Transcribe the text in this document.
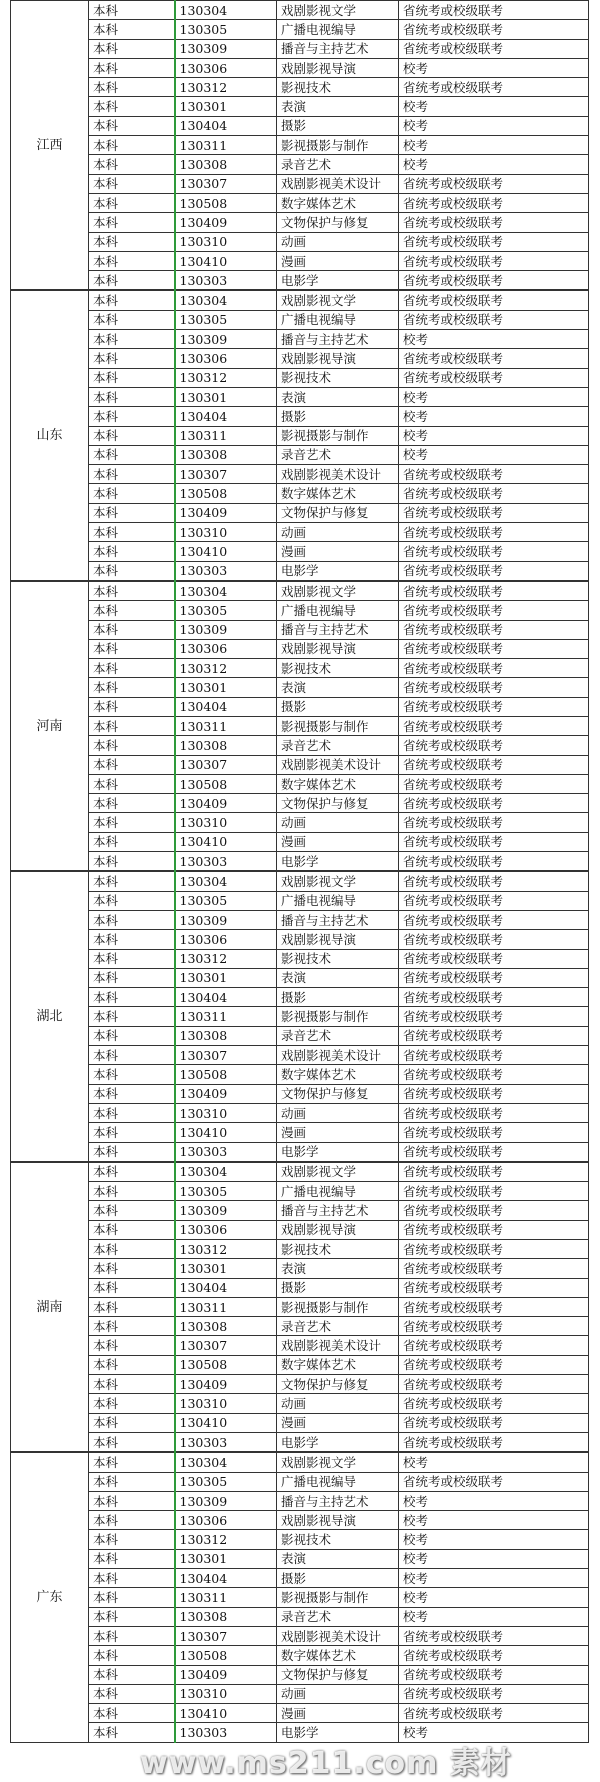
江西	本科	130304	戏剧影视文学	省统考或校级联考
	本科	130305	广播电视编导	省统考或校级联考
	本科	130309	播音与主持艺术	省统考或校级联考
	本科	130306	戏剧影视导演	校考
	本科	130312	影视技术	省统考或校级联考
	本科	130301	表演	校考
	本科	130404	摄影	校考
	本科	130311	影视摄影与制作	校考
	本科	130308	录音艺术	校考
	本科	130307	戏剧影视美术设计	省统考或校级联考
	本科	130508	数字媒体艺术	省统考或校级联考
	本科	130409	文物保护与修复	省统考或校级联考
	本科	130310	动画	省统考或校级联考
	本科	130410	漫画	省统考或校级联考
	本科	130303	电影学	省统考或校级联考
山东	本科	130304	戏剧影视文学	省统考或校级联考
	本科	130305	广播电视编导	省统考或校级联考
	本科	130309	播音与主持艺术	校考
	本科	130306	戏剧影视导演	省统考或校级联考
	本科	130312	影视技术	省统考或校级联考
	本科	130301	表演	校考
	本科	130404	摄影	校考
	本科	130311	影视摄影与制作	校考
	本科	130308	录音艺术	校考
	本科	130307	戏剧影视美术设计	省统考或校级联考
	本科	130508	数字媒体艺术	省统考或校级联考
	本科	130409	文物保护与修复	省统考或校级联考
	本科	130310	动画	省统考或校级联考
	本科	130410	漫画	省统考或校级联考
	本科	130303	电影学	省统考或校级联考
河南	本科	130304	戏剧影视文学	省统考或校级联考
	本科	130305	广播电视编导	省统考或校级联考
	本科	130309	播音与主持艺术	省统考或校级联考
	本科	130306	戏剧影视导演	省统考或校级联考
	本科	130312	影视技术	省统考或校级联考
	本科	130301	表演	省统考或校级联考
	本科	130404	摄影	省统考或校级联考
	本科	130311	影视摄影与制作	省统考或校级联考
	本科	130308	录音艺术	省统考或校级联考
	本科	130307	戏剧影视美术设计	省统考或校级联考
	本科	130508	数字媒体艺术	省统考或校级联考
	本科	130409	文物保护与修复	省统考或校级联考
	本科	130310	动画	省统考或校级联考
	本科	130410	漫画	省统考或校级联考
	本科	130303	电影学	省统考或校级联考
湖北	本科	130304	戏剧影视文学	省统考或校级联考
	本科	130305	广播电视编导	省统考或校级联考
	本科	130309	播音与主持艺术	省统考或校级联考
	本科	130306	戏剧影视导演	省统考或校级联考
	本科	130312	影视技术	省统考或校级联考
	本科	130301	表演	省统考或校级联考
	本科	130404	摄影	省统考或校级联考
	本科	130311	影视摄影与制作	省统考或校级联考
	本科	130308	录音艺术	省统考或校级联考
	本科	130307	戏剧影视美术设计	省统考或校级联考
	本科	130508	数字媒体艺术	省统考或校级联考
	本科	130409	文物保护与修复	省统考或校级联考
	本科	130310	动画	省统考或校级联考
	本科	130410	漫画	省统考或校级联考
	本科	130303	电影学	省统考或校级联考
湖南	本科	130304	戏剧影视文学	省统考或校级联考
	本科	130305	广播电视编导	省统考或校级联考
	本科	130309	播音与主持艺术	省统考或校级联考
	本科	130306	戏剧影视导演	省统考或校级联考
	本科	130312	影视技术	省统考或校级联考
	本科	130301	表演	省统考或校级联考
	本科	130404	摄影	省统考或校级联考
	本科	130311	影视摄影与制作	省统考或校级联考
	本科	130308	录音艺术	省统考或校级联考
	本科	130307	戏剧影视美术设计	省统考或校级联考
	本科	130508	数字媒体艺术	省统考或校级联考
	本科	130409	文物保护与修复	省统考或校级联考
	本科	130310	动画	省统考或校级联考
	本科	130410	漫画	省统考或校级联考
	本科	130303	电影学	省统考或校级联考
广东	本科	130304	戏剧影视文学	校考
	本科	130305	广播电视编导	省统考或校级联考
	本科	130309	播音与主持艺术	校考
	本科	130306	戏剧影视导演	校考
	本科	130312	影视技术	校考
	本科	130301	表演	校考
	本科	130404	摄影	校考
	本科	130311	影视摄影与制作	校考
	本科	130308	录音艺术	校考
	本科	130307	戏剧影视美术设计	省统考或校级联考
	本科	130508	数字媒体艺术	省统考或校级联考
	本科	130409	文物保护与修复	省统考或校级联考
	本科	130310	动画	省统考或校级联考
	本科	130410	漫画	省统考或校级联考
	本科	130303	电影学	校考
www.ms211.com 素材
